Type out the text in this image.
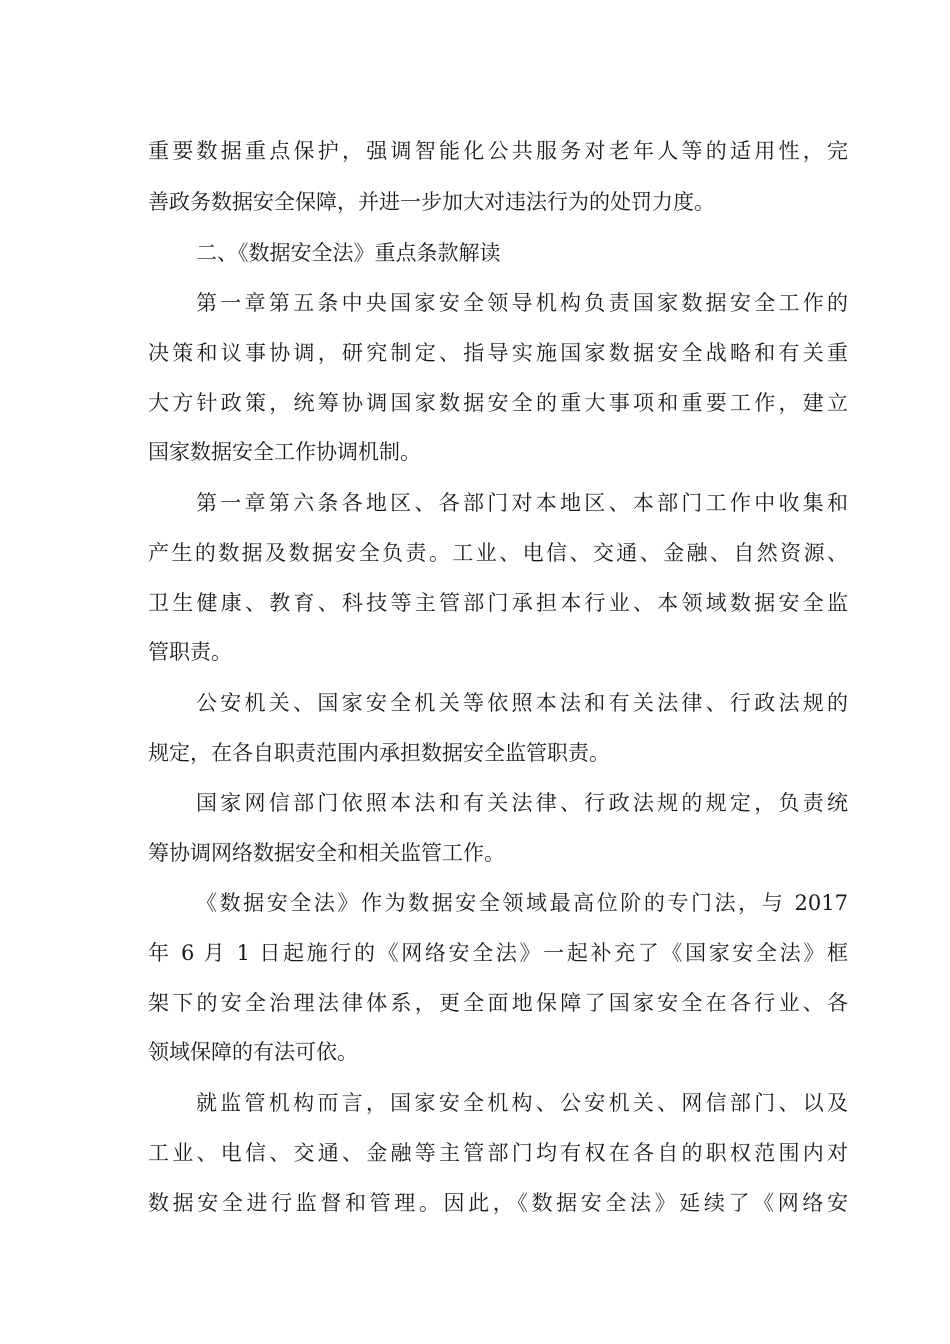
重要数据重点保护，强调智能化公共服务对老年人等的适用性，完
善政务数据安全保障，并进一步加大对违法行为的处罚力度。
二、《数据安全法》重点条款解读
第一章第五条中央国家安全领导机构负责国家数据安全工作的
决策和议事协调，研究制定、指导实施国家数据安全战略和有关重
大方针政策，统筹协调国家数据安全的重大事项和重要工作，建立
国家数据安全工作协调机制。
第一章第六条各地区、各部门对本地区、本部门工作中收集和
产生的数据及数据安全负责。工业、电信、交通、金融、自然资源、
卫生健康、教育、科技等主管部门承担本行业、本领域数据安全监
管职责。
公安机关、国家安全机关等依照本法和有关法律、行政法规的
规定，在各自职责范围内承担数据安全监管职责。
国家网信部门依照本法和有关法律、行政法规的规定，负责统
筹协调网络数据安全和相关监管工作。
《数据安全法》作为数据安全领域最高位阶的专门法，与 2017
年 6 月 1 日起施行的《网络安全法》一起补充了《国家安全法》框
架下的安全治理法律体系，更全面地保障了国家安全在各行业、各
领域保障的有法可依。
就监管机构而言，国家安全机构、公安机关、网信部门、以及
工业、电信、交通、金融等主管部门均有权在各自的职权范围内对
数据安全进行监督和管理。因此，《数据安全法》延续了《网络安
